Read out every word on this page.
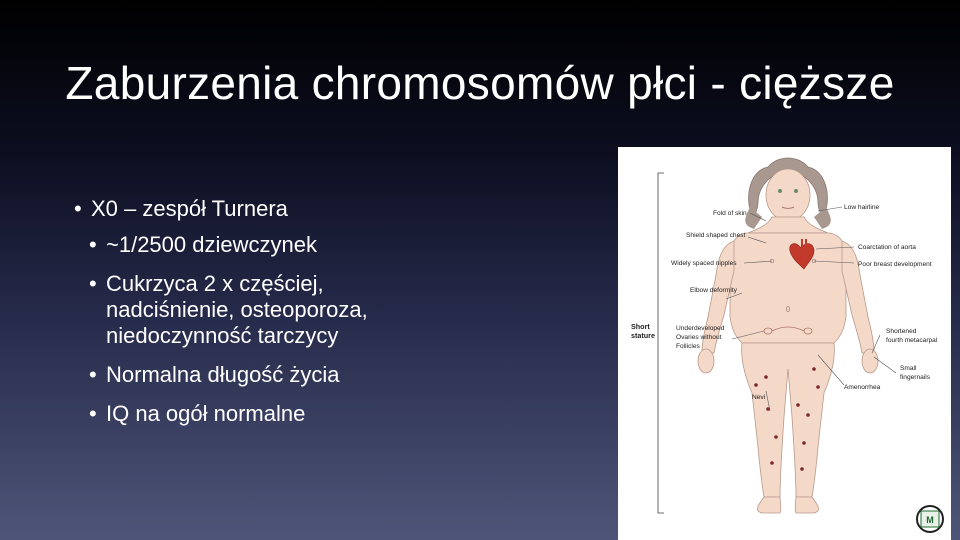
Zaburzenia chromosomów płci - cięższe
• X0 – zespół Turnera
• ~1/2500 dziewczynek
• Cukrzyca 2 x częściej, nadciśnienie, osteoporoza, niedoczynność tarczycy
• Normalna długość życia
• IQ na ogół normalne
Fold of skin
Low hairline
Shield shaped chest
Coarctation of aorta
Widely spaced nipples	Poor breast development
Elbow deformity
Short
stature
Underdeveloped
Ovaries without
Follicles
Shortened
fourth metacarpal
Small
fingernails
Amenorrhea
Nevi
M
